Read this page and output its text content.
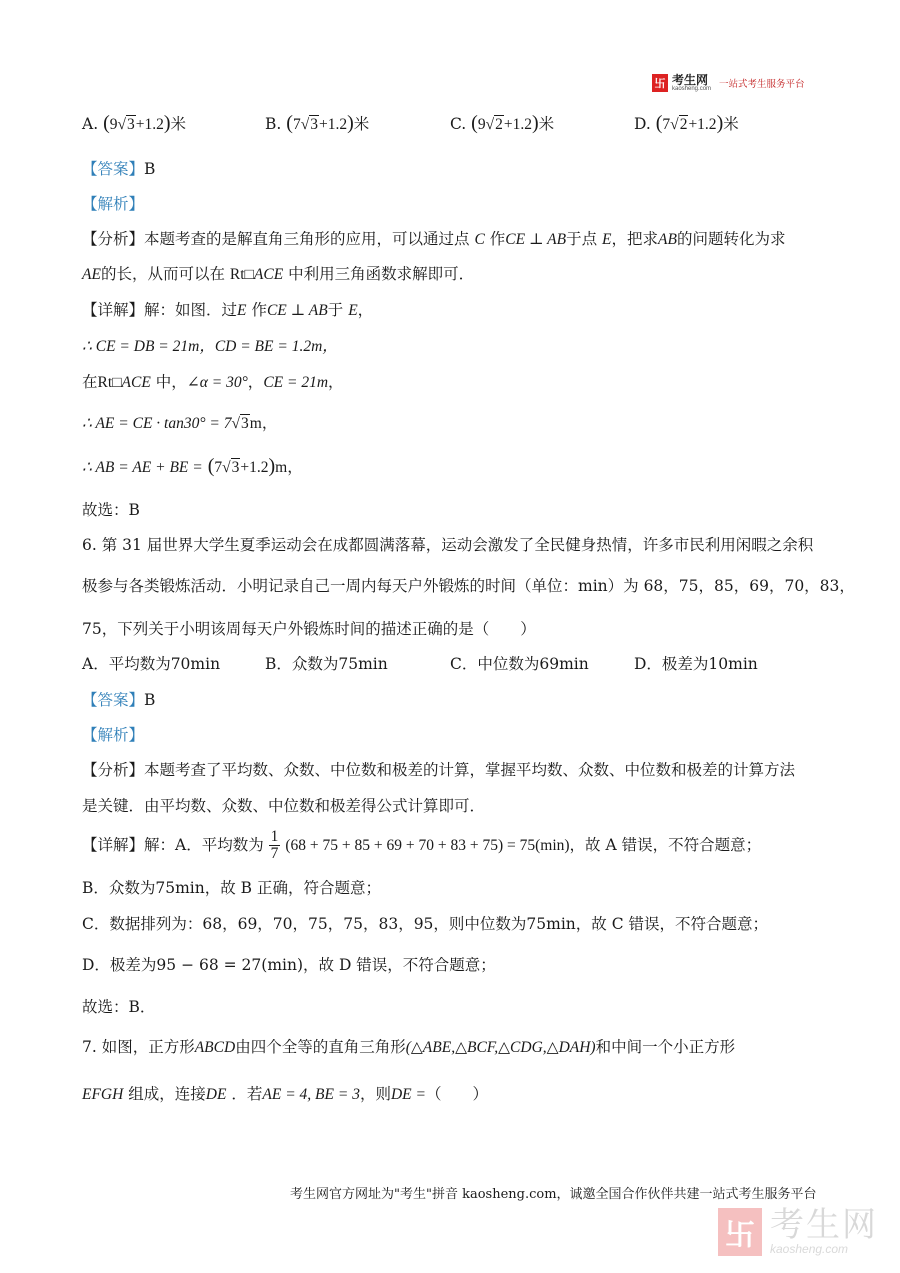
卐 考生网
kaosheng.com 一站式考生服务平台
A. (9√3+1.2)米	B. (7√3+1.2)米	C. (9√2+1.2)米	D. (7√2+1.2)米
【答案】B
【解析】
【分析】本题考查的是解直角三角形的应用，可以通过点 C 作CE ⊥ AB于点 E，把求AB的问题转化为求
AE的长，从而可以在 Rt□ACE 中利用三角函数求解即可．
【详解】解：如图．过E 作CE ⊥ AB于 E，
∴ CE = DB = 21m，CD = BE = 1.2m，
在Rt□ACE 中，∠α = 30°，CE = 21m，
∴ AE = CE · tan30° = 7√3m，
∴ AB = AE + BE = (7√3+1.2)m，
故选：B
6. 第 31 届世界大学生夏季运动会在成都圆满落幕，运动会激发了全民健身热情，许多市民利用闲暇之余积
极参与各类锻炼活动．小明记录自己一周内每天户外锻炼的时间（单位：min）为 68，75，85，69，70，83，
75，下列关于小明该周每天户外锻炼时间的描述正确的是（　　）
A．平均数为70min	B．众数为75min	C．中位数为69min	D．极差为10min
【答案】B
【解析】
【分析】本题考查了平均数、众数、中位数和极差的计算，掌握平均数、众数、中位数和极差的计算方法
是关键．由平均数、众数、中位数和极差得公式计算即可．
【详解】解：A．平均数为 $\frac{1}{7} (68 + 75 + 85 + 69 + 70 + 83 + 75) = 75(\min)$，故 A 错误，不符合题意；
B．众数为75min，故 B 正确，符合题意；
C．数据排列为：68，69，70，75，75，83，95，则中位数为75min，故 C 错误，不符合题意；
D．极差为95 − 68 = 27(min)，故 D 错误，不符合题意；
故选：B．
7. 如图，正方形ABCD由四个全等的直角三角形(△ABE,△BCF,△CDG,△DAH)和中间一个小正方形
EFGH 组成，连接DE ．若AE = 4, BE = 3，则DE =（　　）
考生网官方网址为"考生"拼音 kaosheng.com，诚邀全国合作伙伴共建一站式考生服务平台
卐 考生网
kaosheng.com
